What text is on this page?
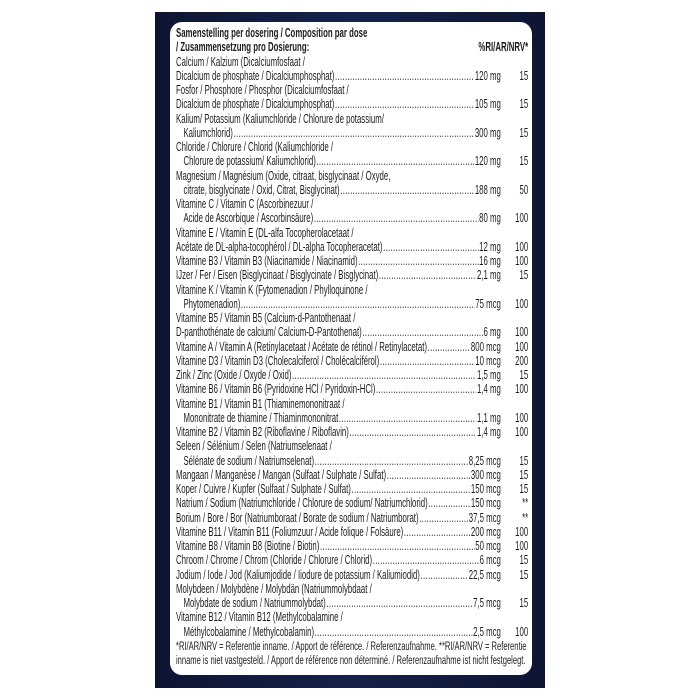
Samenstelling per dosering / Composition par dose
/ Zusammensetzung pro Dosierung:	%RI/AR/NRV*
Calcium / Kalzium (Dicalciumfosfaat /
Dicalcium de phosphate / Dicalciumphosphat) .....	120 mg	15
Fosfor / Phosphore / Phosphor (Dicalciumfosfaat /
Dicalcium de phosphate / Dicalciumphosphat) .....	105 mg	15
Kalium/ Potassium (Kaliumchloride / Chlorure de potassium/
Kaliumchlorid) .....	300 mg	15
Chloride / Chlorure / Chlorid (Kaliumchloride /
Chlorure de potassium/ Kaliumchlorid) .....	120 mg	15
Magnesium / Magnésium (Oxide, citraat, bisglycinaat / Oxyde,
citrate, bisglycinate / Oxid, Citrat, Bisglycinat) .....	188 mg	50
Vitamine C / Vitamin C (Ascorbinezuur /
Acide de Ascorbique / Ascorbinsäure) .....	80 mg	100
Vitamine E / Vitamin E (DL-alfa Tocopherolacetaat /
Acétate de DL-alpha-tocophérol / DL-alpha Tocopheracetat) .....	12 mg	100
Vitamine B3 / Vitamin B3 (Niacinamide / Niacinamid) .....	16 mg	100
IJzer / Fer / Eisen (Bisglycinaat / Bisglycinate / Bisglycinat) .....	2,1 mg	15
Vitamine K / Vitamin K (Fytomenadion / Phylloquinone /
Phytomenadion) .....	75 mcg	100
Vitamine B5 / Vitamin B5 (Calcium-d-Pantothenaat /
D-panthothénate de calcium/ Calcium-D-Pantothenat) .....	6 mg	100
Vitamine A / Vitamin A (Retinylacetaat / Acétate de rétinol / Retinylacetat) .....	800 mcg	100
Vitamine D3 / Vitamin D3 (Cholecalciferol / Cholécalciférol) .....	10 mcg	200
Zink / Zinc (Oxide / Oxyde / Oxid) .....	1,5 mg	15
Vitamine B6 / Vitamin B6 (Pyridoxine HCl / Pyridoxin-HCl) .....	1,4 mg	100
Vitamine B1 / Vitamin B1 (Thiaminemononitraat /
Mononitrate de thiamine / Thiaminmononitrat .....	1,1 mg	100
Vitamine B2 / Vitamin B2 (Riboflavine / Riboflavin) .....	1,4 mg	100
Seleen / Sélénium / Selen (Natriumselenaat /
Sélénate de sodium / Natriumselenat) .....	8,25 mcg	15
Mangaan / Manganèse / Mangan (Sulfaat / Sulphate / Sulfat) .....	300 mcg	15
Koper / Cuivre / Kupfer (Sulfaat / Sulphate / Sulfat) .....	150 mcg	15
Natrium / Sodium (Natriumchloride / Chlorure de sodium/ Natriumchlorid) .....	150 mcg	**
Borium / Bore / Bor (Natriumboraat / Borate de sodium / Natriumborat) .....	37,5 mcg	**
Vitamine B11 / Vitamin B11 (Foliumzuur / Acide folique / Folsäure) .....	200 mcg	100
Vitamine B8 / Vitamin B8 (Biotine / Biotin) .....	50 mcg	100
Chroom / Chrome / Chrom (Chloride / Chlorure / Chlorid) .....	6 mcg	15
Jodium / Iode / Jod (Kaliumjodide / Iiodure de potassium / Kaliumiodid) .....	22,5 mcg	15
Molybdeen / Molybdène / Molybdän (Natriummolybdaat /
Molybdate de sodium / Natriummolybdat) .....	7,5 mcg	15
Vitamine B12 / Vitamin B12 (Methylcobalamine /
Méthylcobalamine / Methylcobalamin) .....	2,5 mcg	100
*RI/AR/NRV = Referentie inname. / Apport de référence. / Referenzaufnahme. **RI/AR/NRV = Referentie
inname is niet vastgesteld. / Apport de référence non déterminé. / Referenzaufnahme ist nicht festgelegt.
